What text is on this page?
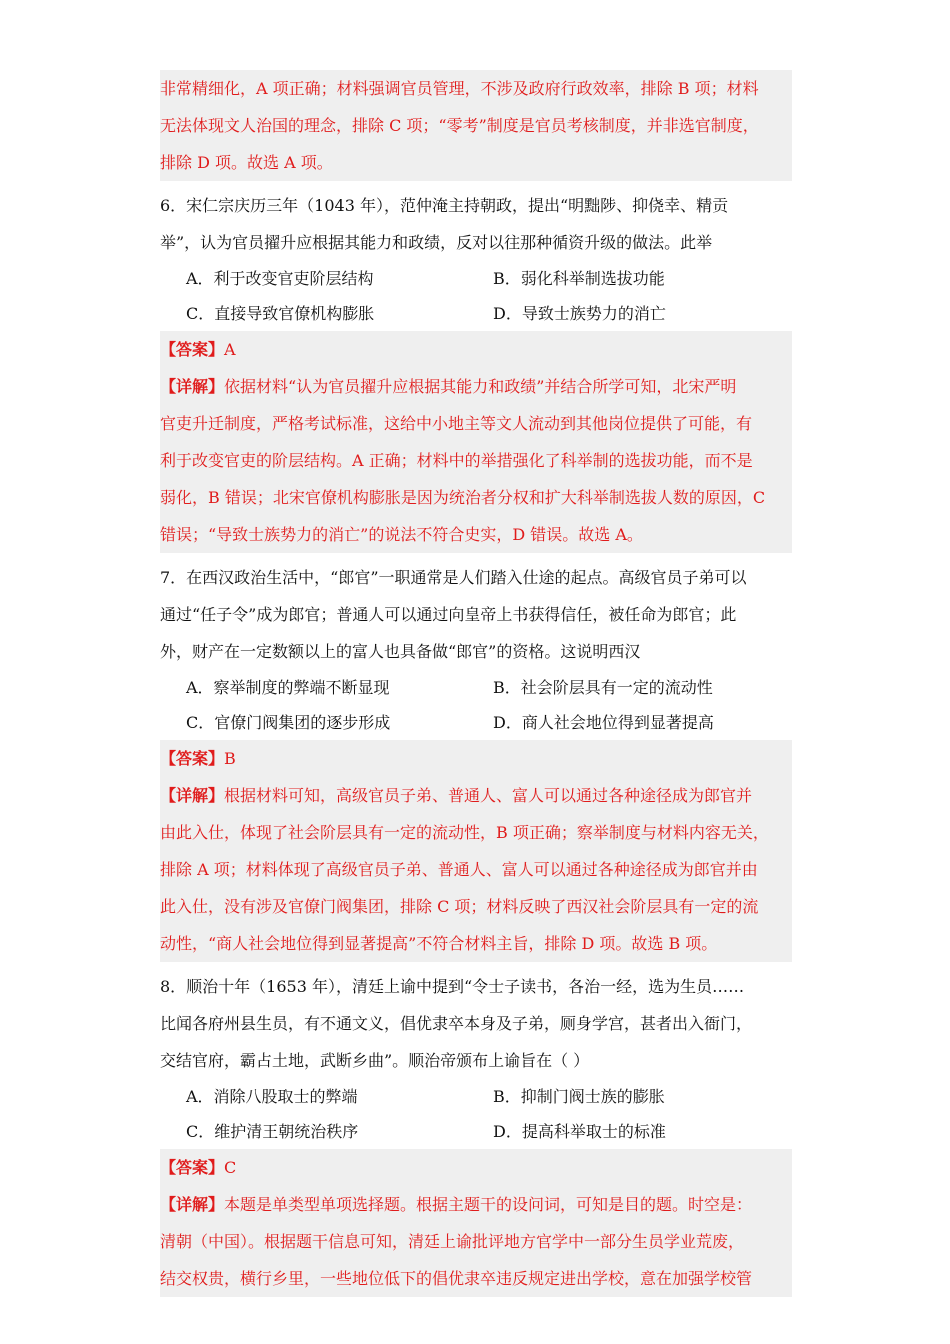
非常精细化，A 项正确；材料强调官员管理，不涉及政府行政效率，排除 B 项；材料
无法体现文人治国的理念，排除 C 项；“零考”制度是官员考核制度，并非选官制度，
排除 D 项。故选 A 项。
6．宋仁宗庆历三年（1043 年），范仲淹主持朝政，提出“明黜陟、抑侥幸、精贡
举”，认为官员擢升应根据其能力和政绩，反对以往那种循资升级的做法。此举
A．利于改变官吏阶层结构	B．弱化科举制选拔功能
C．直接导致官僚机构膨胀	D．导致士族势力的消亡
【答案】A
【详解】依据材料“认为官员擢升应根据其能力和政绩”并结合所学可知，北宋严明
官吏升迁制度，严格考试标准，这给中小地主等文人流动到其他岗位提供了可能，有
利于改变官吏的阶层结构。A 正确；材料中的举措强化了科举制的选拔功能，而不是
弱化，B 错误；北宋官僚机构膨胀是因为统治者分权和扩大科举制选拔人数的原因，C
错误；“导致士族势力的消亡”的说法不符合史实，D 错误。故选 A。
7．在西汉政治生活中，“郎官”一职通常是人们踏入仕途的起点。高级官员子弟可以
通过“任子令”成为郎官；普通人可以通过向皇帝上书获得信任，被任命为郎官；此
外，财产在一定数额以上的富人也具备做“郎官”的资格。这说明西汉
A．察举制度的弊端不断显现	B．社会阶层具有一定的流动性
C．官僚门阀集团的逐步形成	D．商人社会地位得到显著提高
【答案】B
【详解】根据材料可知，高级官员子弟、普通人、富人可以通过各种途径成为郎官并
由此入仕，体现了社会阶层具有一定的流动性，B 项正确；察举制度与材料内容无关，
排除 A 项；材料体现了高级官员子弟、普通人、富人可以通过各种途径成为郎官并由
此入仕，没有涉及官僚门阀集团，排除 C 项；材料反映了西汉社会阶层具有一定的流
动性，“商人社会地位得到显著提高”不符合材料主旨，排除 D 项。故选 B 项。
8．顺治十年（1653 年），清廷上谕中提到“令士子读书，各治一经，选为生员……
比闻各府州县生员，有不通文义，倡优隶卒本身及子弟，厕身学宫，甚者出入衙门，
交结官府，霸占土地，武断乡曲”。顺治帝颁布上谕旨在（ ）
A．消除八股取士的弊端	B．抑制门阀士族的膨胀
C．维护清王朝统治秩序	D．提高科举取士的标准
【答案】C
【详解】本题是单类型单项选择题。根据主题干的设问词，可知是目的题。时空是：
清朝（中国）。根据题干信息可知，清廷上谕批评地方官学中一部分生员学业荒废，
结交权贵，横行乡里，一些地位低下的倡优隶卒违反规定进出学校，意在加强学校管
